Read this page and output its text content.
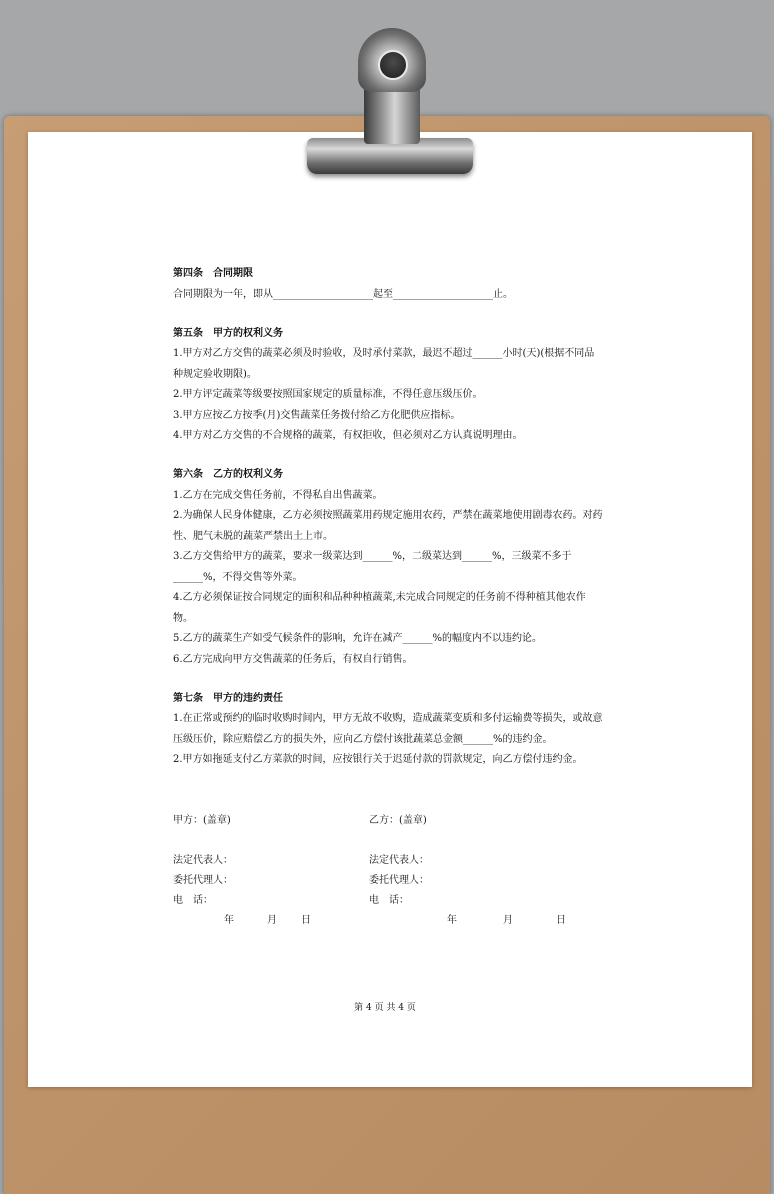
第四条　合同期限

合同期限为一年，即从____________________起至____________________止。

第五条　甲方的权利义务

1.甲方对乙方交售的蔬菜必须及时验收，及时承付菜款，最迟不超过______小时(天)(根据不同品种规定验收期限)。

2.甲方评定蔬菜等级要按照国家规定的质量标准，不得任意压级压价。

3.甲方应按乙方按季(月)交售蔬菜任务拨付给乙方化肥供应指标。

4.甲方对乙方交售的不合规格的蔬菜，有权拒收，但必须对乙方认真说明理由。

第六条　乙方的权利义务

1.乙方在完成交售任务前，不得私自出售蔬菜。

2.为确保人民身体健康，乙方必须按照蔬菜用药规定施用农药，严禁在蔬菜地使用剧毒农药。对药性、肥气未脱的蔬菜严禁出土上市。

3.乙方交售给甲方的蔬菜，要求一级菜达到______%，二级菜达到______%，三级菜不多于______%，不得交售等外菜。

4.乙方必须保证按合同规定的面积和品种种植蔬菜,未完成合同规定的任务前不得种植其他农作物。

5.乙方的蔬菜生产如受气候条件的影响，允许在减产______%的幅度内不以违约论。

6.乙方完成向甲方交售蔬菜的任务后，有权自行销售。

第七条　甲方的违约责任

1.在正常或预约的临时收购时间内，甲方无故不收购，造成蔬菜变质和多付运输费等损失，或故意压级压价，除应赔偿乙方的损失外，应向乙方偿付该批蔬菜总金额______%的违约金。

2.甲方如拖延支付乙方菜款的时间，应按银行关于迟延付款的罚款规定，向乙方偿付违约金。

甲方：(盖章)	乙方：(盖章)
法定代表人：	法定代表人：
委托代理人：	委托代理人：
电　话：	电　话：
年	月 日	年	月	日
第 4 页 共 4 页
